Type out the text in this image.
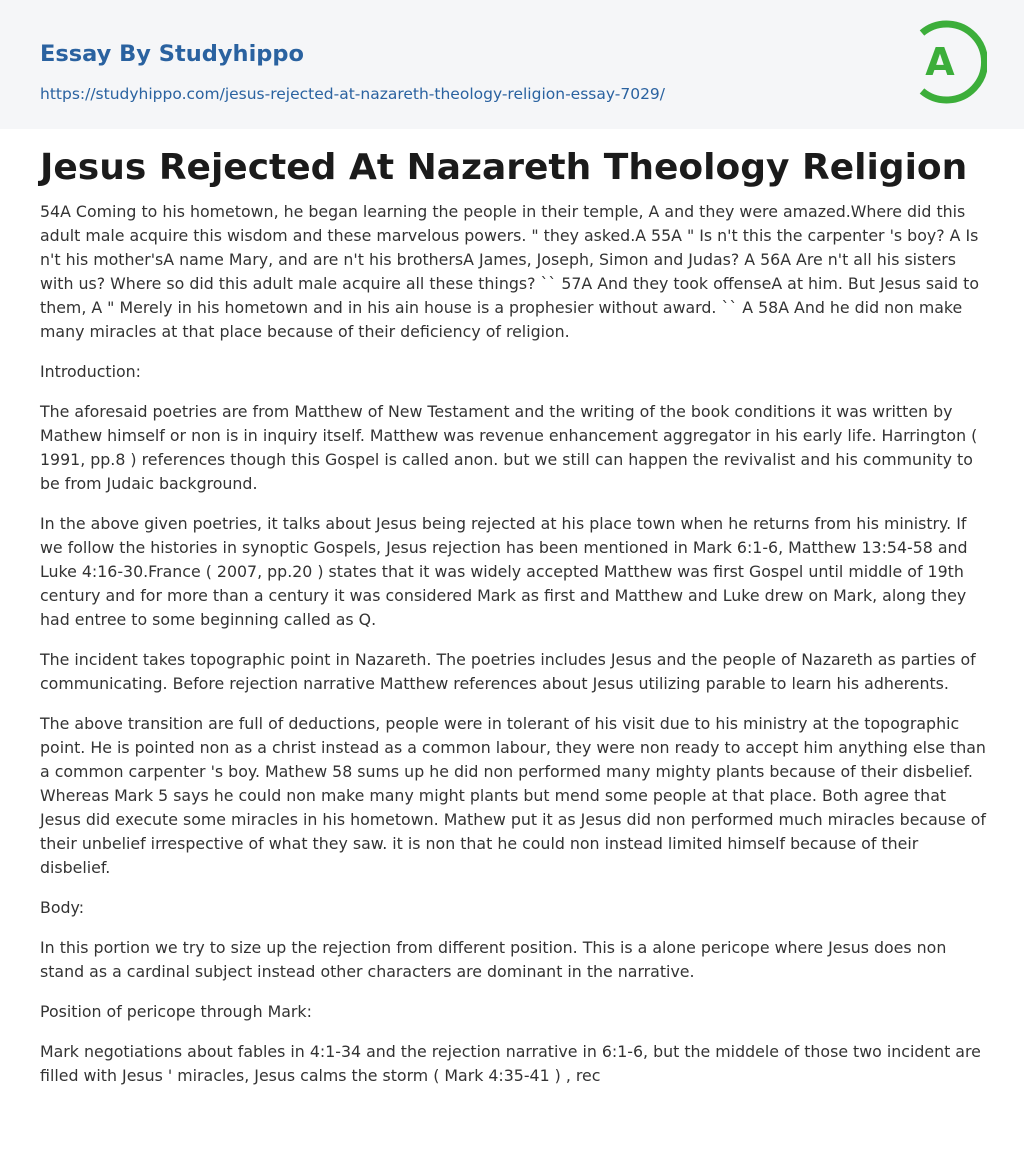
Essay By Studyhippo
https://studyhippo.com/jesus-rejected-at-nazareth-theology-religion-essay-7029/
A
Jesus Rejected At Nazareth Theology Religion

54A Coming to his hometown, he began learning the people in their temple, A and they were amazed.Where did this adult male acquire this wisdom and these marvelous powers. " they asked.A 55A " Is n't this the carpenter 's boy? A Is n't his mother'sA name Mary, and are n't his brothersA James, Joseph, Simon and Judas? A 56A Are n't all his sisters with us? Where so did this adult male acquire all these things? `` 57A And they took offenseA at him. But Jesus said to them, A " Merely in his hometown and in his ain house is a prophesier without award. `` A 58A And he did non make many miracles at that place because of their deficiency of religion.

Introduction:

The aforesaid poetries are from Matthew of New Testament and the writing of the book conditions it was written by Mathew himself or non is in inquiry itself. Matthew was revenue enhancement aggregator in his early life. Harrington ( 1991, pp.8 ) references though this Gospel is called anon. but we still can happen the revivalist and his community to be from Judaic background.

In the above given poetries, it talks about Jesus being rejected at his place town when he returns from his ministry. If we follow the histories in synoptic Gospels, Jesus rejection has been mentioned in Mark 6:1-6, Matthew 13:54-58 and Luke 4:16-30.France ( 2007, pp.20 ) states that it was widely accepted Matthew was first Gospel until middle of 19th century and for more than a century it was considered Mark as first and Matthew and Luke drew on Mark, along they had entree to some beginning called as Q.

The incident takes topographic point in Nazareth. The poetries includes Jesus and the people of Nazareth as parties of communicating. Before rejection narrative Matthew references about Jesus utilizing parable to learn his adherents.

The above transition are full of deductions, people were in tolerant of his visit due to his ministry at the topographic point. He is pointed non as a christ instead as a common labour, they were non ready to accept him anything else than a common carpenter 's boy. Mathew 58 sums up he did non performed many mighty plants because of their disbelief. Whereas Mark 5 says he could non make many might plants but mend some people at that place. Both agree that Jesus did execute some miracles in his hometown. Mathew put it as Jesus did non performed much miracles because of their unbelief irrespective of what they saw. it is non that he could non instead limited himself because of their disbelief.

Body:

In this portion we try to size up the rejection from different position. This is a alone pericope where Jesus does non stand as a cardinal subject instead other characters are dominant in the narrative.

Position of pericope through Mark:

Mark negotiations about fables in 4:1-34 and the rejection narrative in 6:1-6, but the middele of those two incident are filled with Jesus ' miracles, Jesus calms the storm ( Mark 4:35-41 ) , rec
